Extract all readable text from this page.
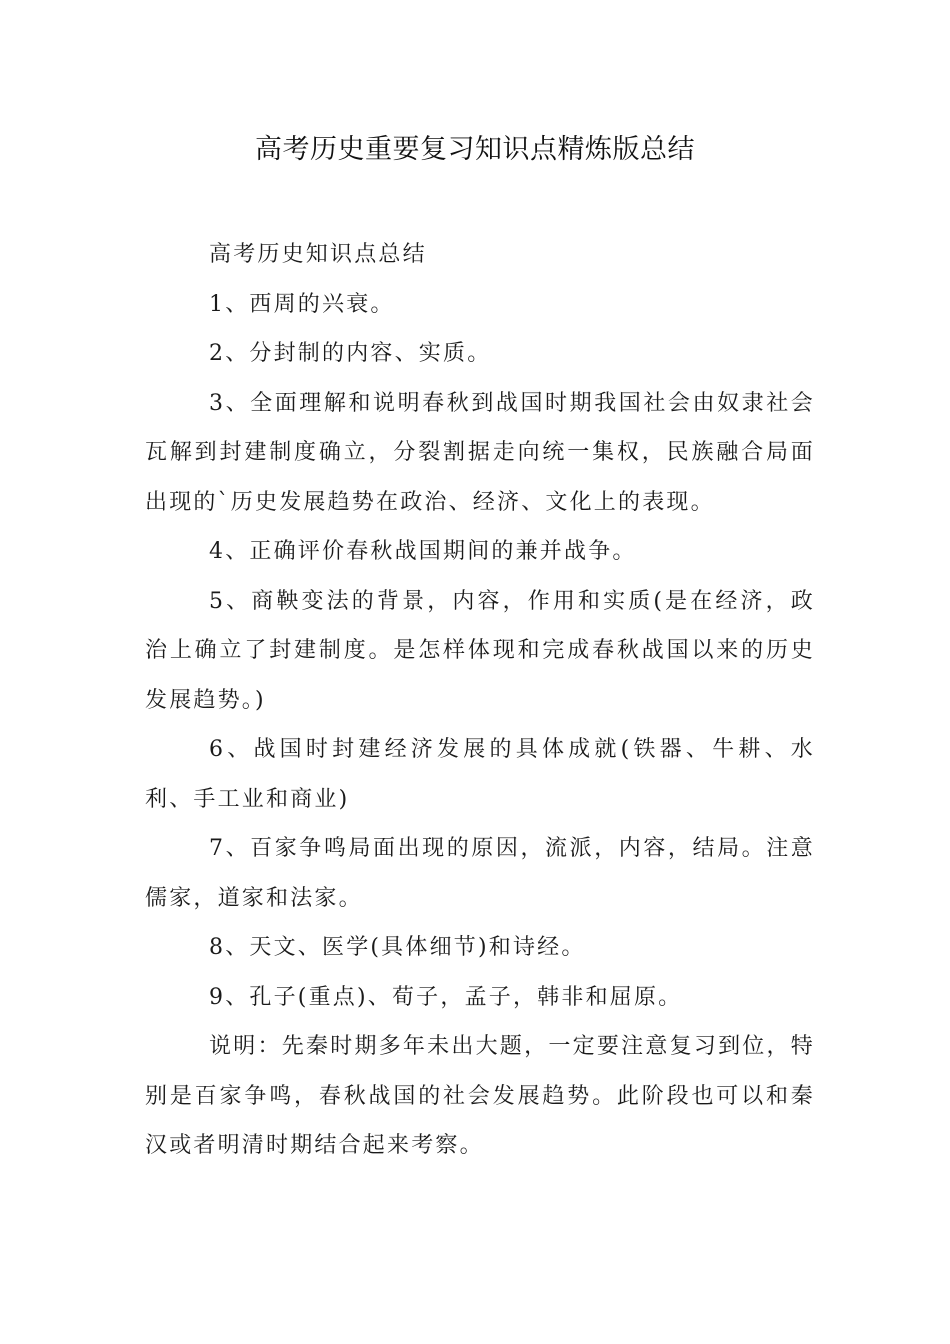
高考历史重要复习知识点精炼版总结

高考历史知识点总结

1、西周的兴衰。

2、分封制的内容、实质。

3、全面理解和说明春秋到战国时期我国社会由奴隶社会瓦解到封建制度确立，分裂割据走向统一集权，民族融合局面出现的`历史发展趋势在政治、经济、文化上的表现。

4、正确评价春秋战国期间的兼并战争。

5、商鞅变法的背景，内容，作用和实质(是在经济，政治上确立了封建制度。是怎样体现和完成春秋战国以来的历史发展趋势。)

6、战国时封建经济发展的具体成就(铁器、牛耕、水利、手工业和商业)

7、百家争鸣局面出现的原因，流派，内容，结局。注意儒家，道家和法家。

8、天文、医学(具体细节)和诗经。

9、孔子(重点)、荀子，孟子，韩非和屈原。

说明：先秦时期多年未出大题，一定要注意复习到位，特别是百家争鸣，春秋战国的社会发展趋势。此阶段也可以和秦汉或者明清时期结合起来考察。
